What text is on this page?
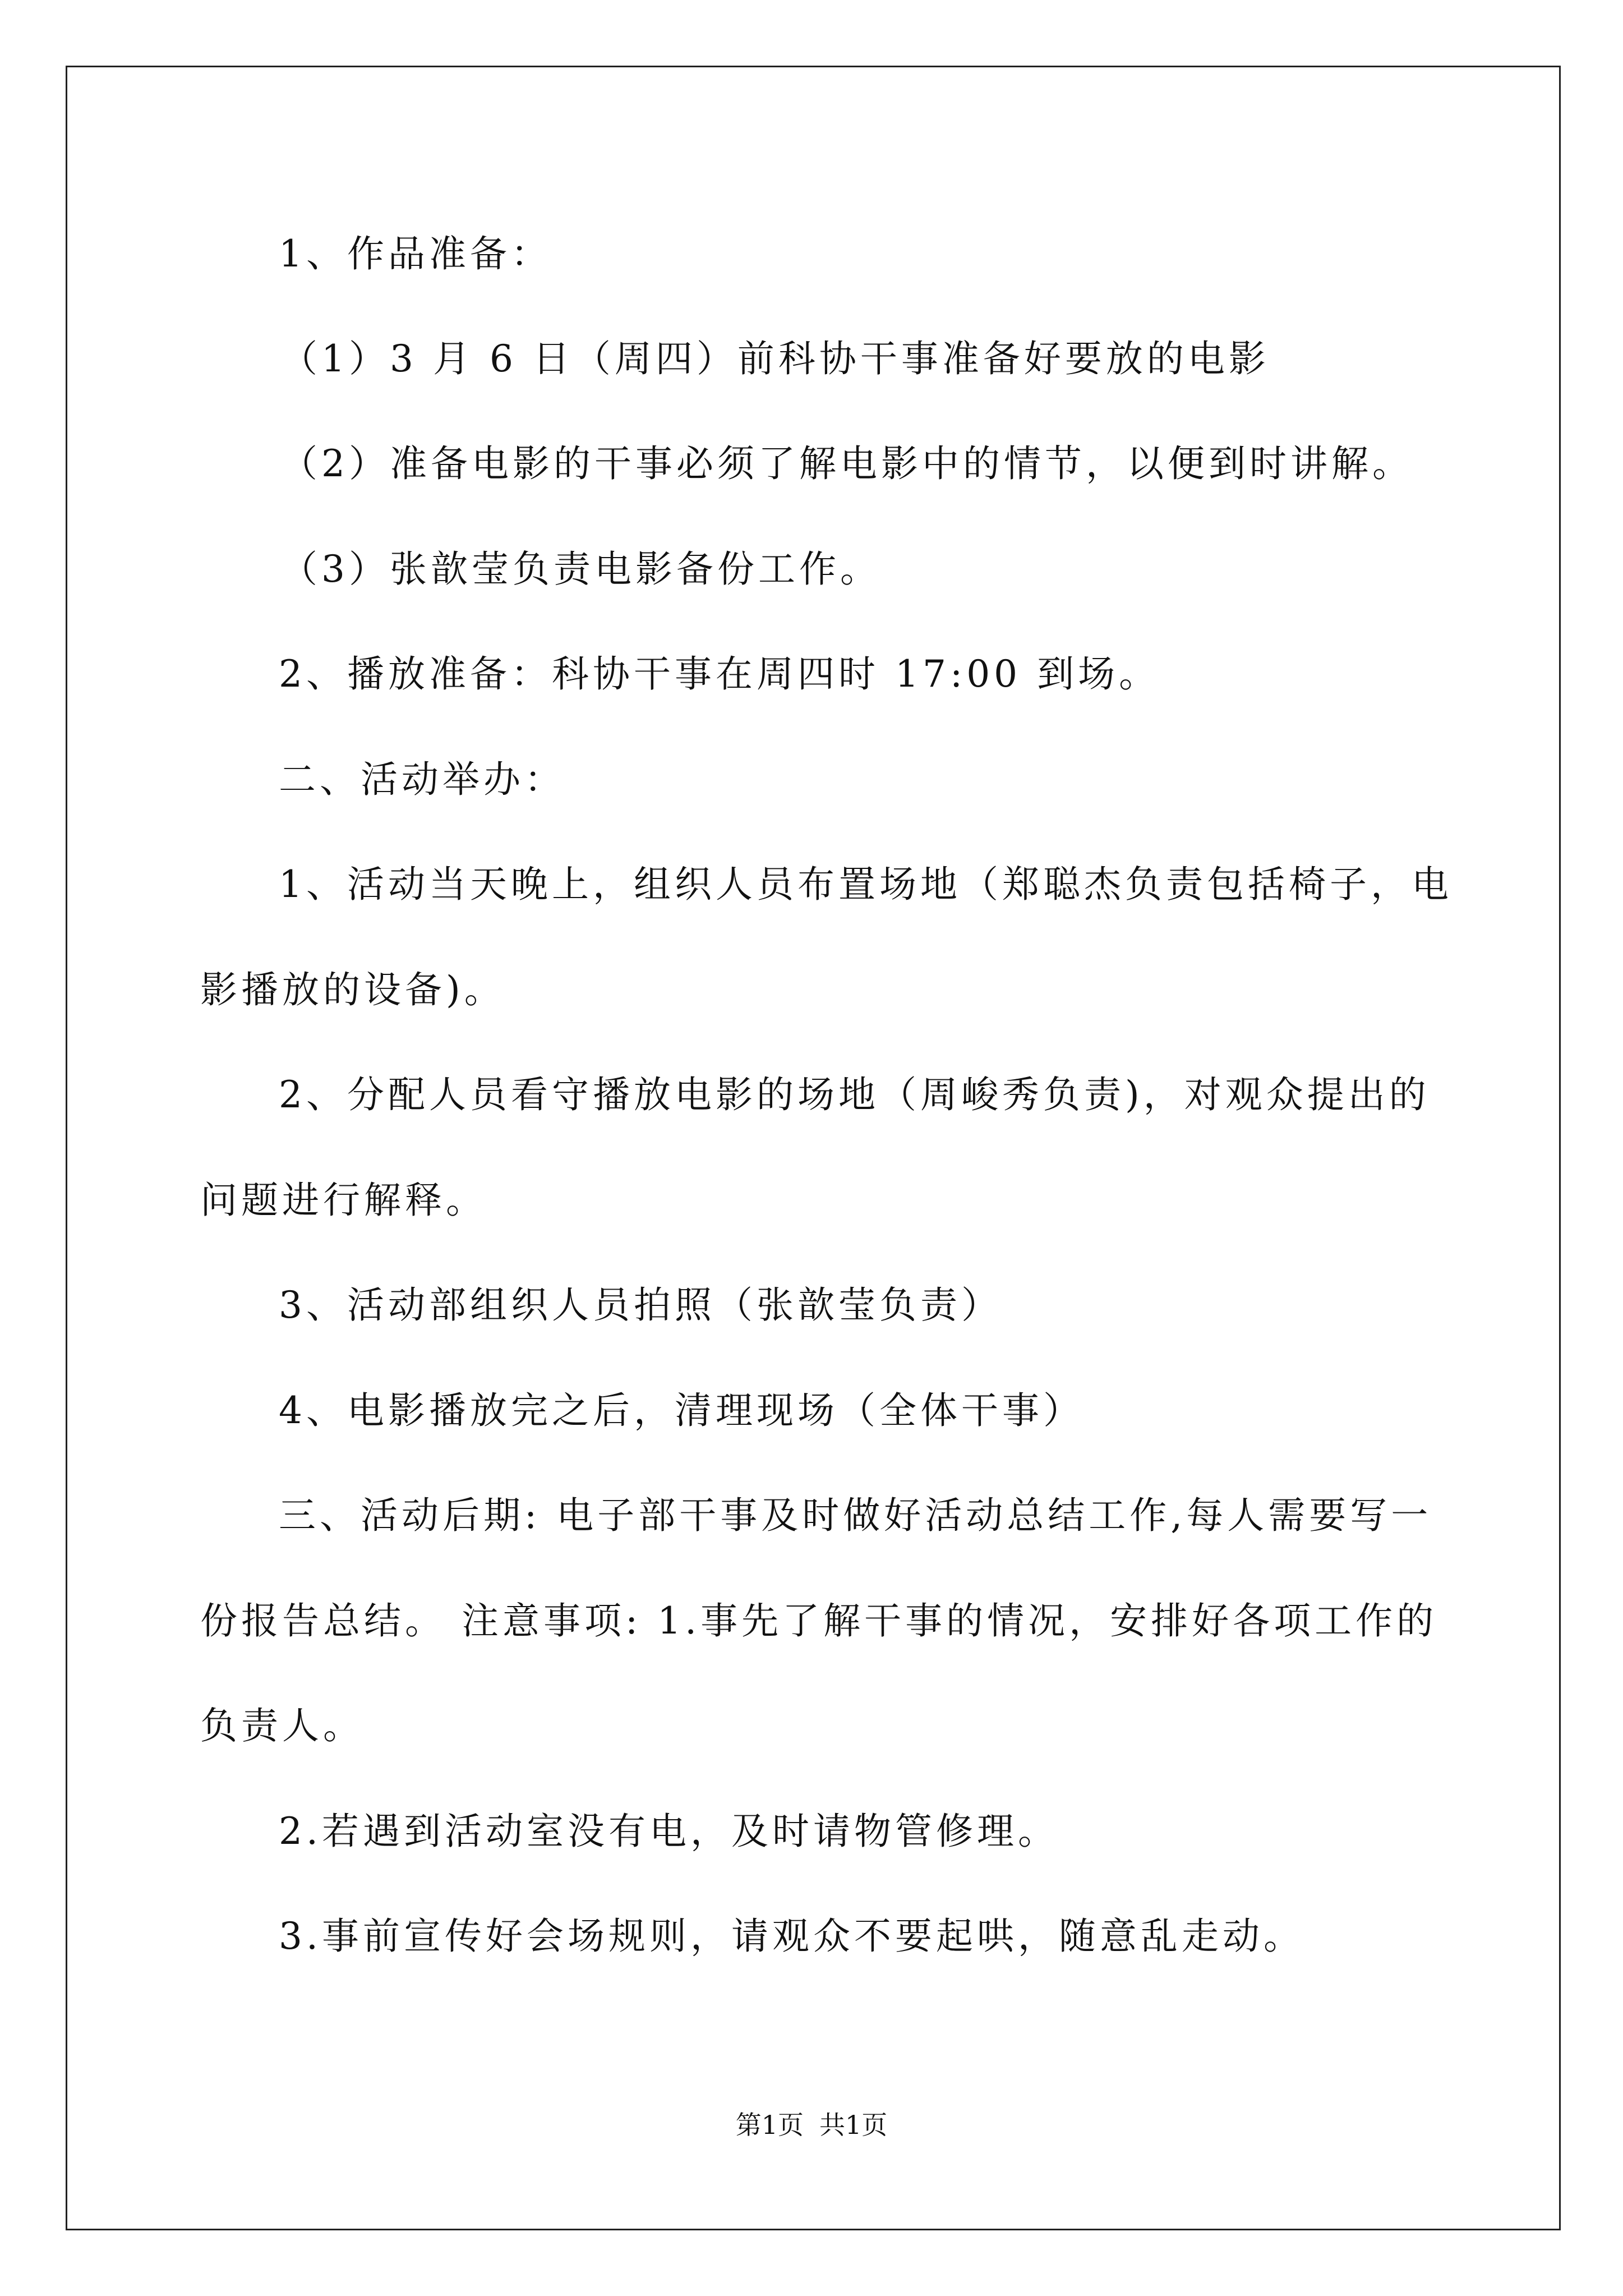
1、作品准备：
（1）3 月 6 日（周四）前科协干事准备好要放的电影
（2）准备电影的干事必须了解电影中的情节，以便到时讲解。
（3）张歆莹负责电影备份工作。
2、播放准备：科协干事在周四时 17:00 到场。
二、活动举办：
1、活动当天晚上，组织人员布置场地（郑聪杰负责包括椅子，电
影播放的设备)。
2、分配人员看守播放电影的场地（周峻秀负责)，对观众提出的
问题进行解释。
3、活动部组织人员拍照（张歆莹负责）
4、电影播放完之后，清理现场（全体干事）
三、活动后期: 电子部干事及时做好活动总结工作,每人需要写一
份报告总结。 注意事项: 1.事先了解干事的情况，安排好各项工作的
负责人。
2.若遇到活动室没有电，及时请物管修理。
3.事前宣传好会场规则，请观众不要起哄，随意乱走动。
第1页 共1页
